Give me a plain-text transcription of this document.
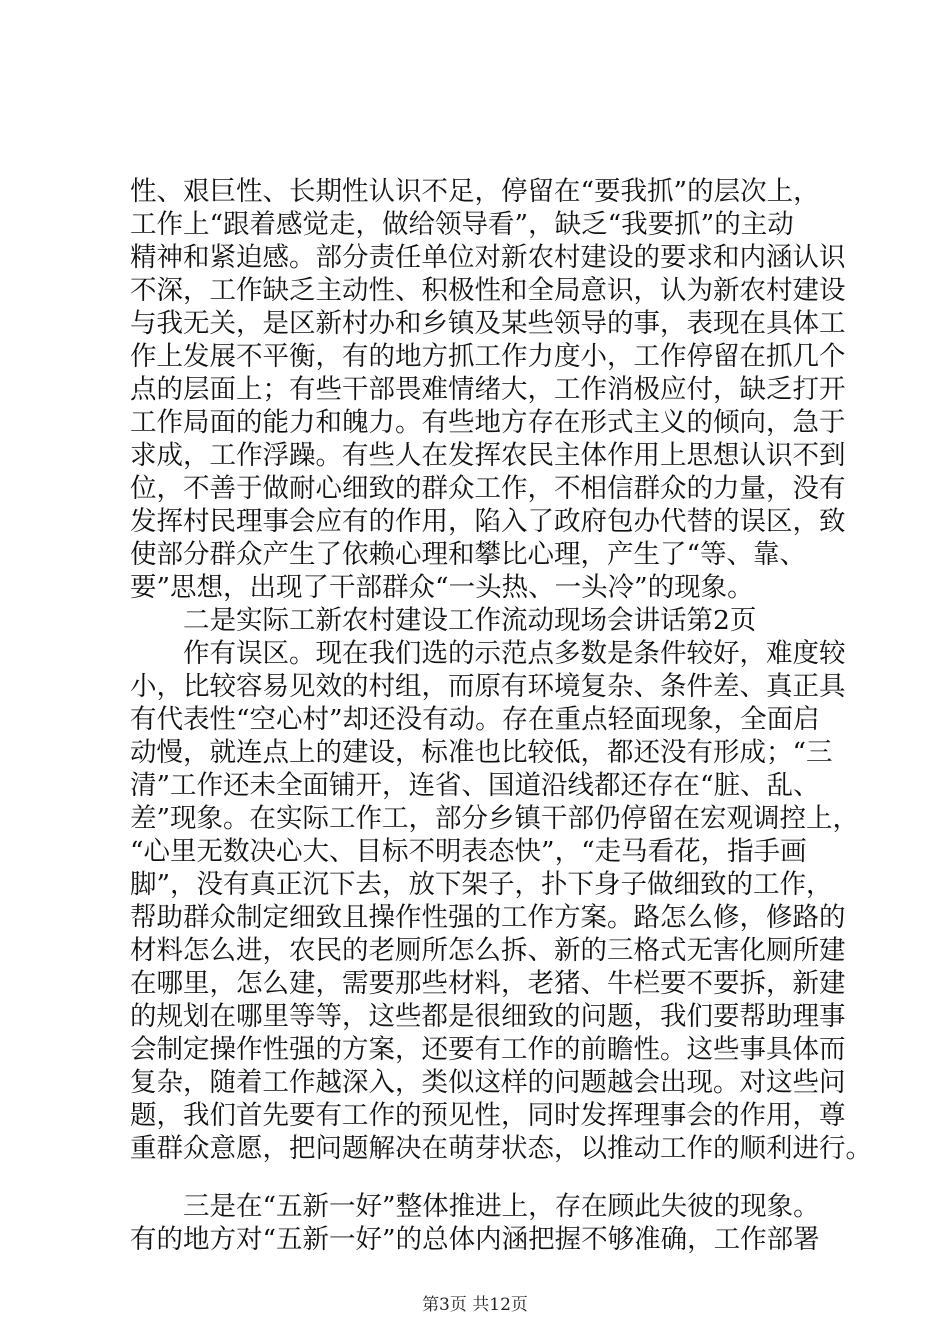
性、艰巨性、长期性认识不足，停留在“要我抓”的层次上，
工作上“跟着感觉走，做给领导看”，缺乏“我要抓”的主动
精神和紧迫感。部分责任单位对新农村建设的要求和内涵认识
不深，工作缺乏主动性、积极性和全局意识，认为新农村建设
与我无关，是区新村办和乡镇及某些领导的事，表现在具体工
作上发展不平衡，有的地方抓工作力度小，工作停留在抓几个
点的层面上；有些干部畏难情绪大，工作消极应付，缺乏打开
工作局面的能力和魄力。有些地方存在形式主义的倾向，急于
求成，工作浮躁。有些人在发挥农民主体作用上思想认识不到
位，不善于做耐心细致的群众工作，不相信群众的力量，没有
发挥村民理事会应有的作用，陷入了政府包办代替的误区，致
使部分群众产生了依赖心理和攀比心理，产生了“等、靠、
要”思想，出现了干部群众“一头热、一头冷”的现象。
二是实际工新农村建设工作流动现场会讲话第2页
作有误区。现在我们选的示范点多数是条件较好，难度较
小，比较容易见效的村组，而原有环境复杂、条件差、真正具
有代表性“空心村”却还没有动。存在重点轻面现象，全面启
动慢，就连点上的建设，标准也比较低，都还没有形成；“三
清”工作还未全面铺开，连省、国道沿线都还存在“脏、乱、
差”现象。在实际工作工，部分乡镇干部仍停留在宏观调控上，
“心里无数决心大、目标不明表态快”，“走马看花，指手画
脚”，没有真正沉下去，放下架子，扑下身子做细致的工作，
帮助群众制定细致且操作性强的工作方案。路怎么修，修路的
材料怎么进，农民的老厕所怎么拆、新的三格式无害化厕所建
在哪里，怎么建，需要那些材料，老猪、牛栏要不要拆，新建
的规划在哪里等等，这些都是很细致的问题，我们要帮助理事
会制定操作性强的方案，还要有工作的前瞻性。这些事具体而
复杂，随着工作越深入，类似这样的问题越会出现。对这些问
题，我们首先要有工作的预见性，同时发挥理事会的作用，尊
重群众意愿，把问题解决在萌芽状态，以推动工作的顺利进行。
三是在“五新一好”整体推进上，存在顾此失彼的现象。
有的地方对“五新一好”的总体内涵把握不够准确，工作部署
第3页 共12页
